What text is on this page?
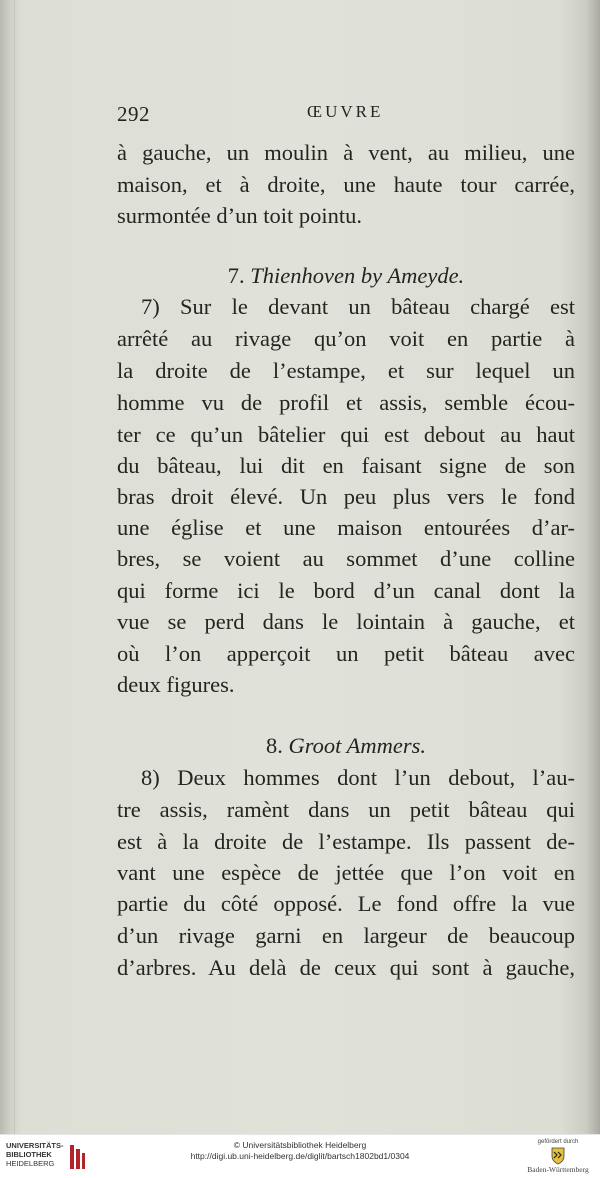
292	ŒUVRE
à gauche, un moulin à vent, au milieu, une
maison, et à droite, une haute tour carrée,
surmontée d’un toit pointu.
7. Thienhoven by Ameyde.
7) Sur le devant un bâteau chargé est
arrêté au rivage qu’on voit en partie à
la droite de l’estampe, et sur lequel un
homme vu de profil et assis, semble écou-
ter ce qu’un bâtelier qui est debout au haut
du bâteau, lui dit en faisant signe de son
bras droit élevé. Un peu plus vers le fond
une église et une maison entourées d’ar-
bres, se voient au sommet d’une colline
qui forme ici le bord d’un canal dont la
vue se perd dans le lointain à gauche, et
où l’on apperçoit un petit bâteau avec
deux figures.
8. Groot Ammers.
8) Deux hommes dont l’un debout, l’au-
tre assis, ramènt dans un petit bâteau qui
est à la droite de l’estampe. Ils passent de-
vant une espèce de jettée que l’on voit en
partie du côté opposé. Le fond offre la vue
d’un rivage garni en largeur de beaucoup
d’arbres. Au delà de ceux qui sont à gauche,
UNIVERSITÄTS-
BIBLIOTHEK
HEIDELBERG
© Universitätsbibliothek Heidelberg
http://digi.ub.uni-heidelberg.de/diglit/bartsch1802bd1/0304
gefördert durch
Baden-Württemberg
